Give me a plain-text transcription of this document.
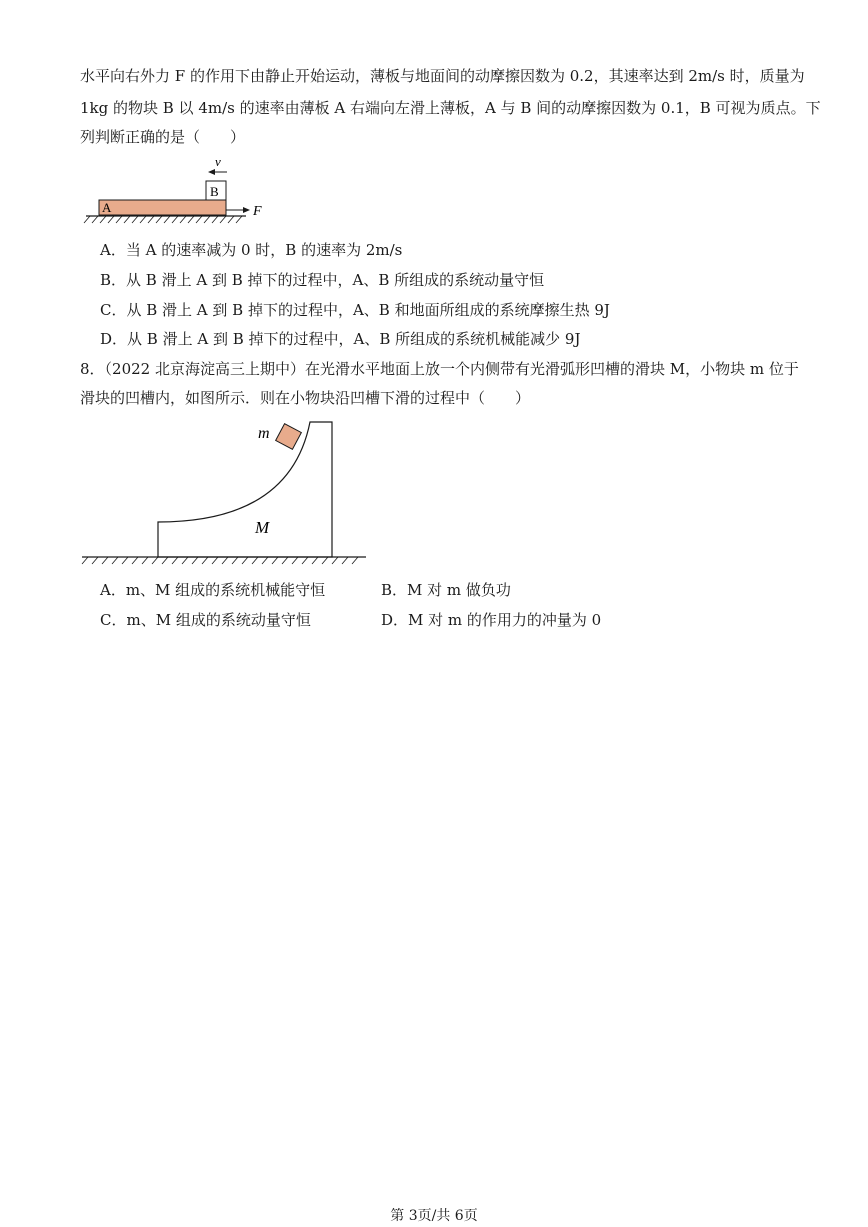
水平向右外力 F 的作用下由静止开始运动，薄板与地面间的动摩擦因数为 0.2，其速率达到 2m/s 时，质量为
1kg 的物块 B 以 4m/s 的速率由薄板 A 右端向左滑上薄板，A 与 B 间的动摩擦因数为 0.1，B 可视为质点。下
列判断正确的是（　　）
v
B
A	F
A．当 A 的速率减为 0 时，B 的速率为 2m/s
B．从 B 滑上 A 到 B 掉下的过程中，A、B 所组成的系统动量守恒
C．从 B 滑上 A 到 B 掉下的过程中，A、B 和地面所组成的系统摩擦生热 9J
D．从 B 滑上 A 到 B 掉下的过程中，A、B 所组成的系统机械能减少 9J
8．（2022 北京海淀高三上期中）在光滑水平地面上放一个内侧带有光滑弧形凹槽的滑块 M，小物块 m 位于
滑块的凹槽内，如图所示．则在小物块沿凹槽下滑的过程中（　　）
m
M
A．m、M 组成的系统机械能守恒	B．M 对 m 做负功
C．m、M 组成的系统动量守恒	D．M 对 m 的作用力的冲量为 0
第 3页/共 6页
